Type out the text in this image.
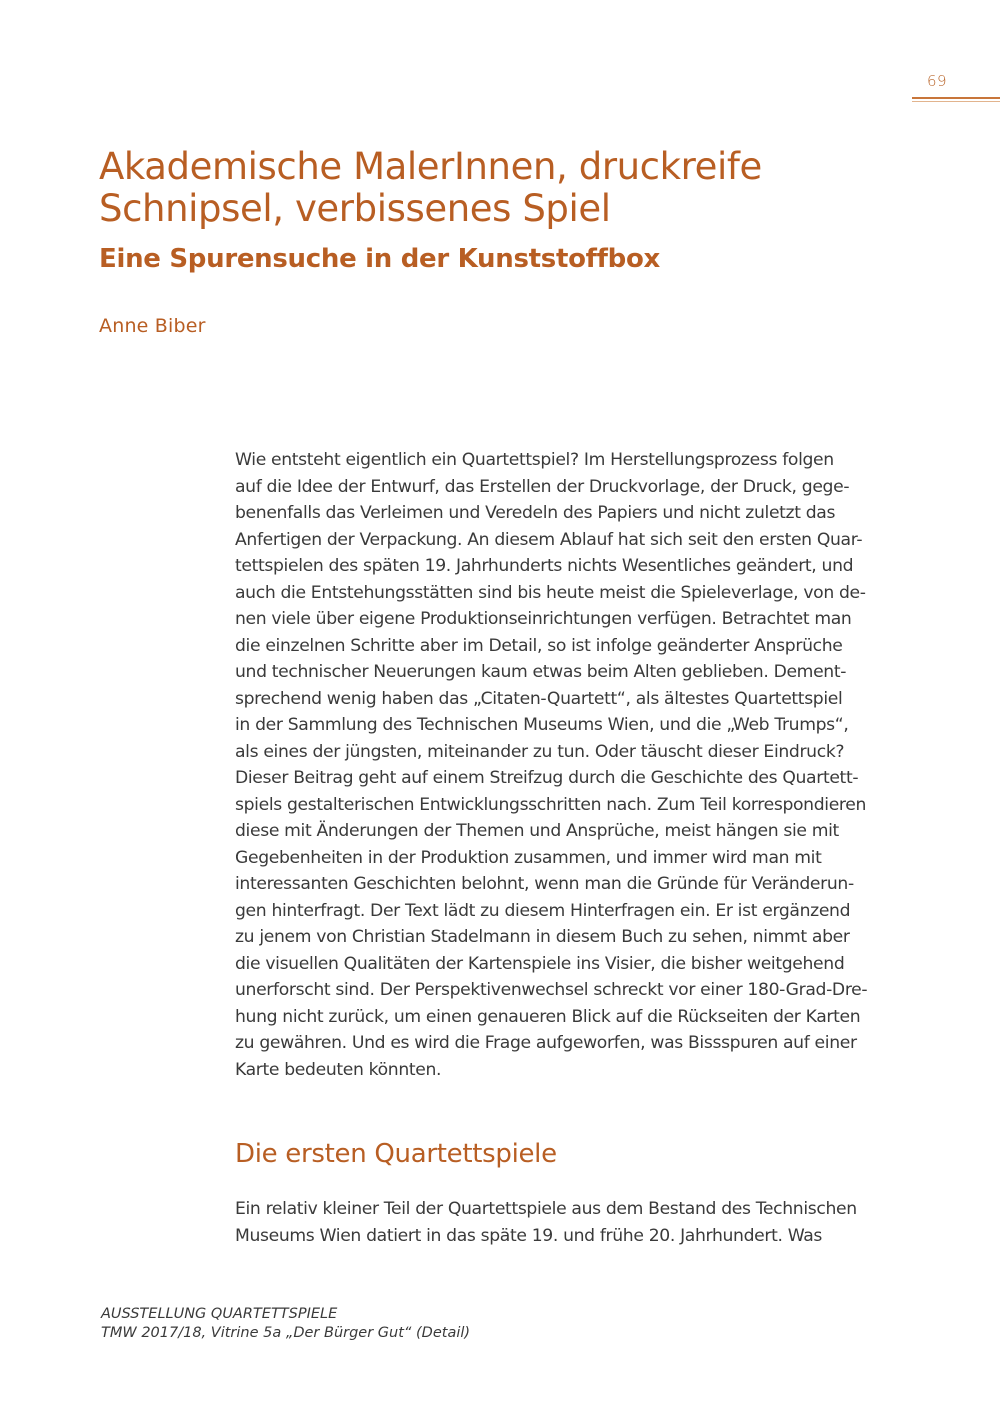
69
Akademische MalerInnen, druckreife
Schnipsel, verbissenes Spiel
Eine Spurensuche in der Kunststoffbox

Anne Biber

Wie entsteht eigentlich ein Quartettspiel? Im Herstellungsprozess folgen
auf die Idee der Entwurf, das Erstellen der Druckvorlage, der Druck, gege-
benenfalls das Verleimen und Veredeln des Papiers und nicht zuletzt das
Anfertigen der Verpackung. An diesem Ablauf hat sich seit den ersten Quar-
tettspielen des späten 19. Jahrhunderts nichts Wesentliches geändert, und
auch die Entstehungsstätten sind bis heute meist die Spieleverlage, von de-
nen viele über eigene Produktionseinrichtungen verfügen. Betrachtet man
die einzelnen Schritte aber im Detail, so ist infolge geänderter Ansprüche
und technischer Neuerungen kaum etwas beim Alten geblieben. Dement-
sprechend wenig haben das „Citaten-Quartett“, als ältestes Quartettspiel
in der Sammlung des Technischen Museums Wien, und die „Web Trumps“,
als eines der jüngsten, miteinander zu tun. Oder täuscht dieser Eindruck?
Dieser Beitrag geht auf einem Streifzug durch die Geschichte des Quartett-
spiels gestalterischen Entwicklungsschritten nach. Zum Teil korrespondieren
diese mit Änderungen der Themen und Ansprüche, meist hängen sie mit
Gegebenheiten in der Produktion zusammen, und immer wird man mit
interessanten Geschichten belohnt, wenn man die Gründe für Veränderun-
gen hinterfragt. Der Text lädt zu diesem Hinterfragen ein. Er ist ergänzend
zu jenem von Christian Stadelmann in diesem Buch zu sehen, nimmt aber
die visuellen Qualitäten der Kartenspiele ins Visier, die bisher weitgehend
unerforscht sind. Der Perspektivenwechsel schreckt vor einer 180-Grad-Dre-
hung nicht zurück, um einen genaueren Blick auf die Rückseiten der Karten
zu gewähren. Und es wird die Frage aufgeworfen, was Bissspuren auf einer
Karte bedeuten könnten.
Die ersten Quartettspiele
Ein relativ kleiner Teil der Quartettspiele aus dem Bestand des Technischen
Museums Wien datiert in das späte 19. und frühe 20. Jahrhundert. Was
AUSSTELLUNG QUARTETTSPIELE
TMW 2017/18, Vitrine 5a „Der Bürger Gut“ (Detail)
